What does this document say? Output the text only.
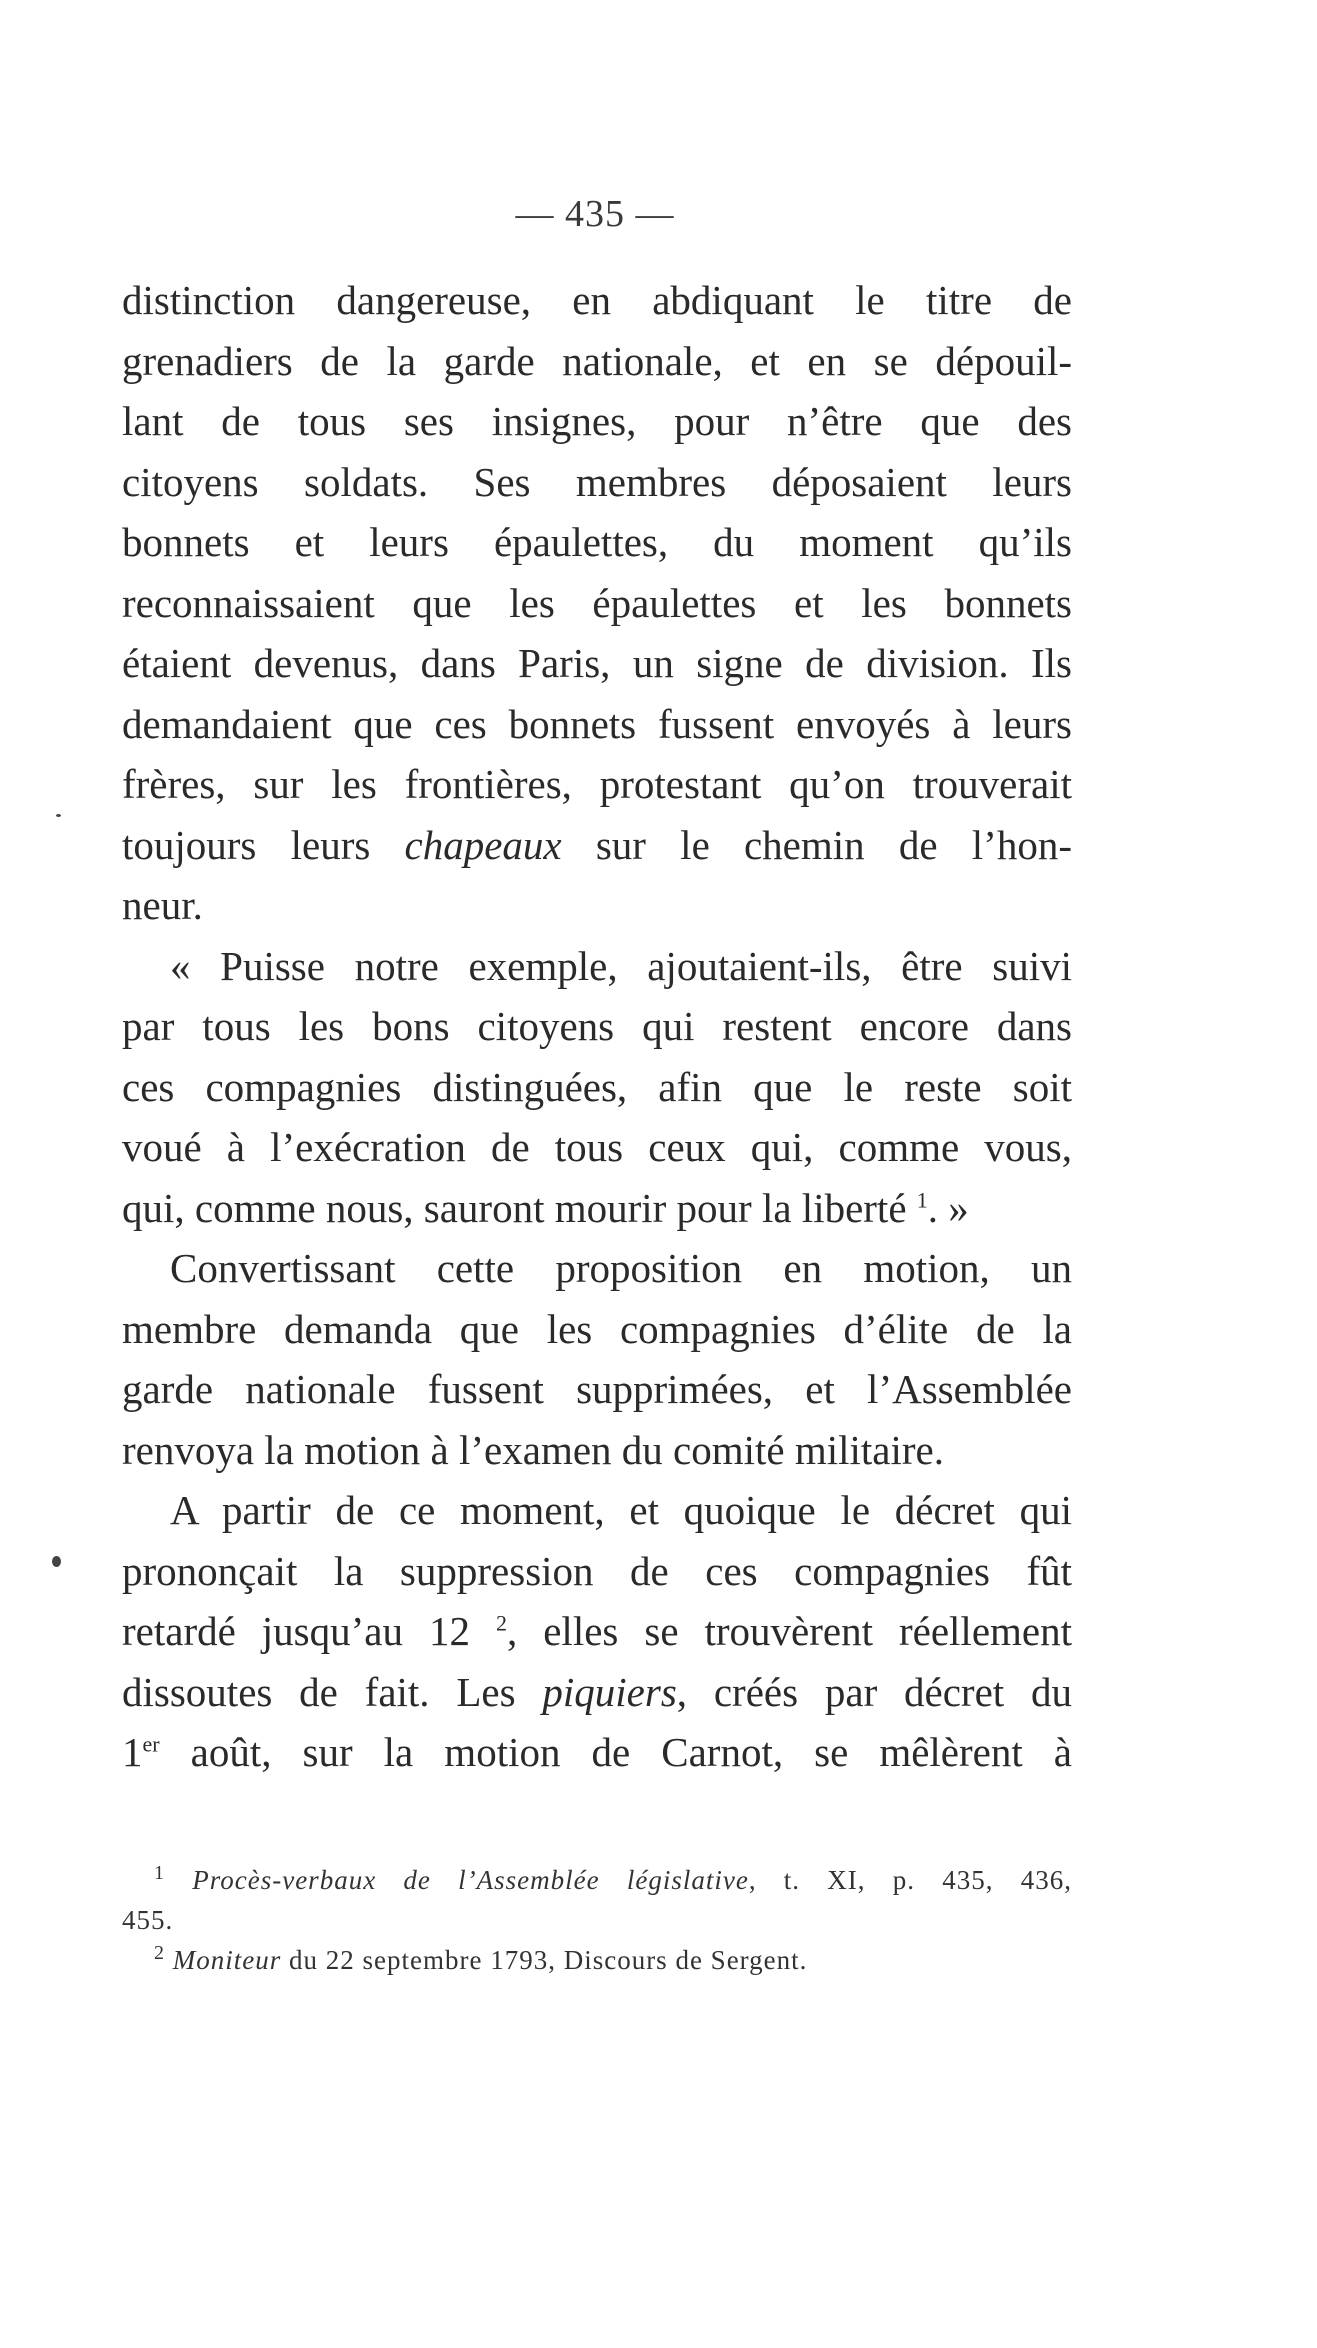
— 435 —
distinction dangereuse, en abdiquant le titre de
grenadiers de la garde nationale, et en se dépouil-
lant de tous ses insignes, pour n’être que des
citoyens soldats. Ses membres déposaient leurs
bonnets et leurs épaulettes, du moment qu’ils
reconnaissaient que les épaulettes et les bonnets
étaient devenus, dans Paris, un signe de division. Ils
demandaient que ces bonnets fussent envoyés à leurs
frères, sur les frontières, protestant qu’on trouverait
toujours leurs chapeaux sur le chemin de l’hon-
neur.
« Puisse notre exemple, ajoutaient-ils, être suivi
par tous les bons citoyens qui restent encore dans
ces compagnies distinguées, afin que le reste soit
voué à l’exécration de tous ceux qui, comme vous,
qui, comme nous, sauront mourir pour la liberté $^1$. »
Convertissant cette proposition en motion, un
membre demanda que les compagnies d’élite de la
garde nationale fussent supprimées, et l’Assemblée
renvoya la motion à l’examen du comité militaire.
A partir de ce moment, et quoique le décret qui
prononçait la suppression de ces compagnies fût
retardé jusqu’au 12 $^2$, elles se trouvèrent réellement
dissoutes de fait. Les piquiers, créés par décret du
1er août, sur la motion de Carnot, se mêlèrent à
$^1$ Procès-verbaux de l’Assemblée législative, t. XI, p. 435, 436,
455.
$^2$ Moniteur du 22 septembre 1793, Discours de Sergent.
